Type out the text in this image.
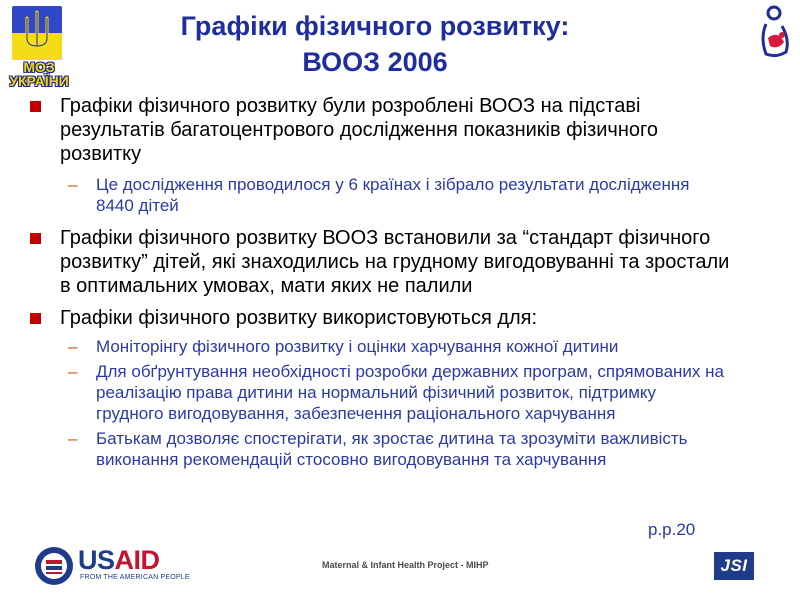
МОЗ
УКРАЇНИ
Графіки фізичного розвитку:
ВООЗ 2006
Графіки фізичного розвитку були розроблені ВООЗ на підставі результатів багатоцентрового дослідження показників фізичного розвитку
– Це дослідження проводилося у 6 країнах і зібрало результати дослідження 8440 дітей
Графіки фізичного розвитку ВООЗ встановили за “стандарт фізичного розвитку” дітей, які знаходились на грудному вигодовуванні та зростали в оптимальних умовах, мати яких не палили
Графіки фізичного розвитку використовуються для:
– Моніторінгу фізичного розвитку і оцінки харчування кожної дитини
– Для обґрунтування необхідності розробки державних програм, спрямованих на реалізацію права дитини на нормальний фізичний розвиток, підтримку грудного вигодовування, забезпечення раціонального харчування
– Батькам дозволяє спостерігати, як зростає дитина та зрозуміти важливість виконання рекомендацій стосовно вигодовування та харчування
p.p.20
USAID
FROM THE AMERICAN PEOPLE
Maternal & Infant Health Project - MIHP	JSI
